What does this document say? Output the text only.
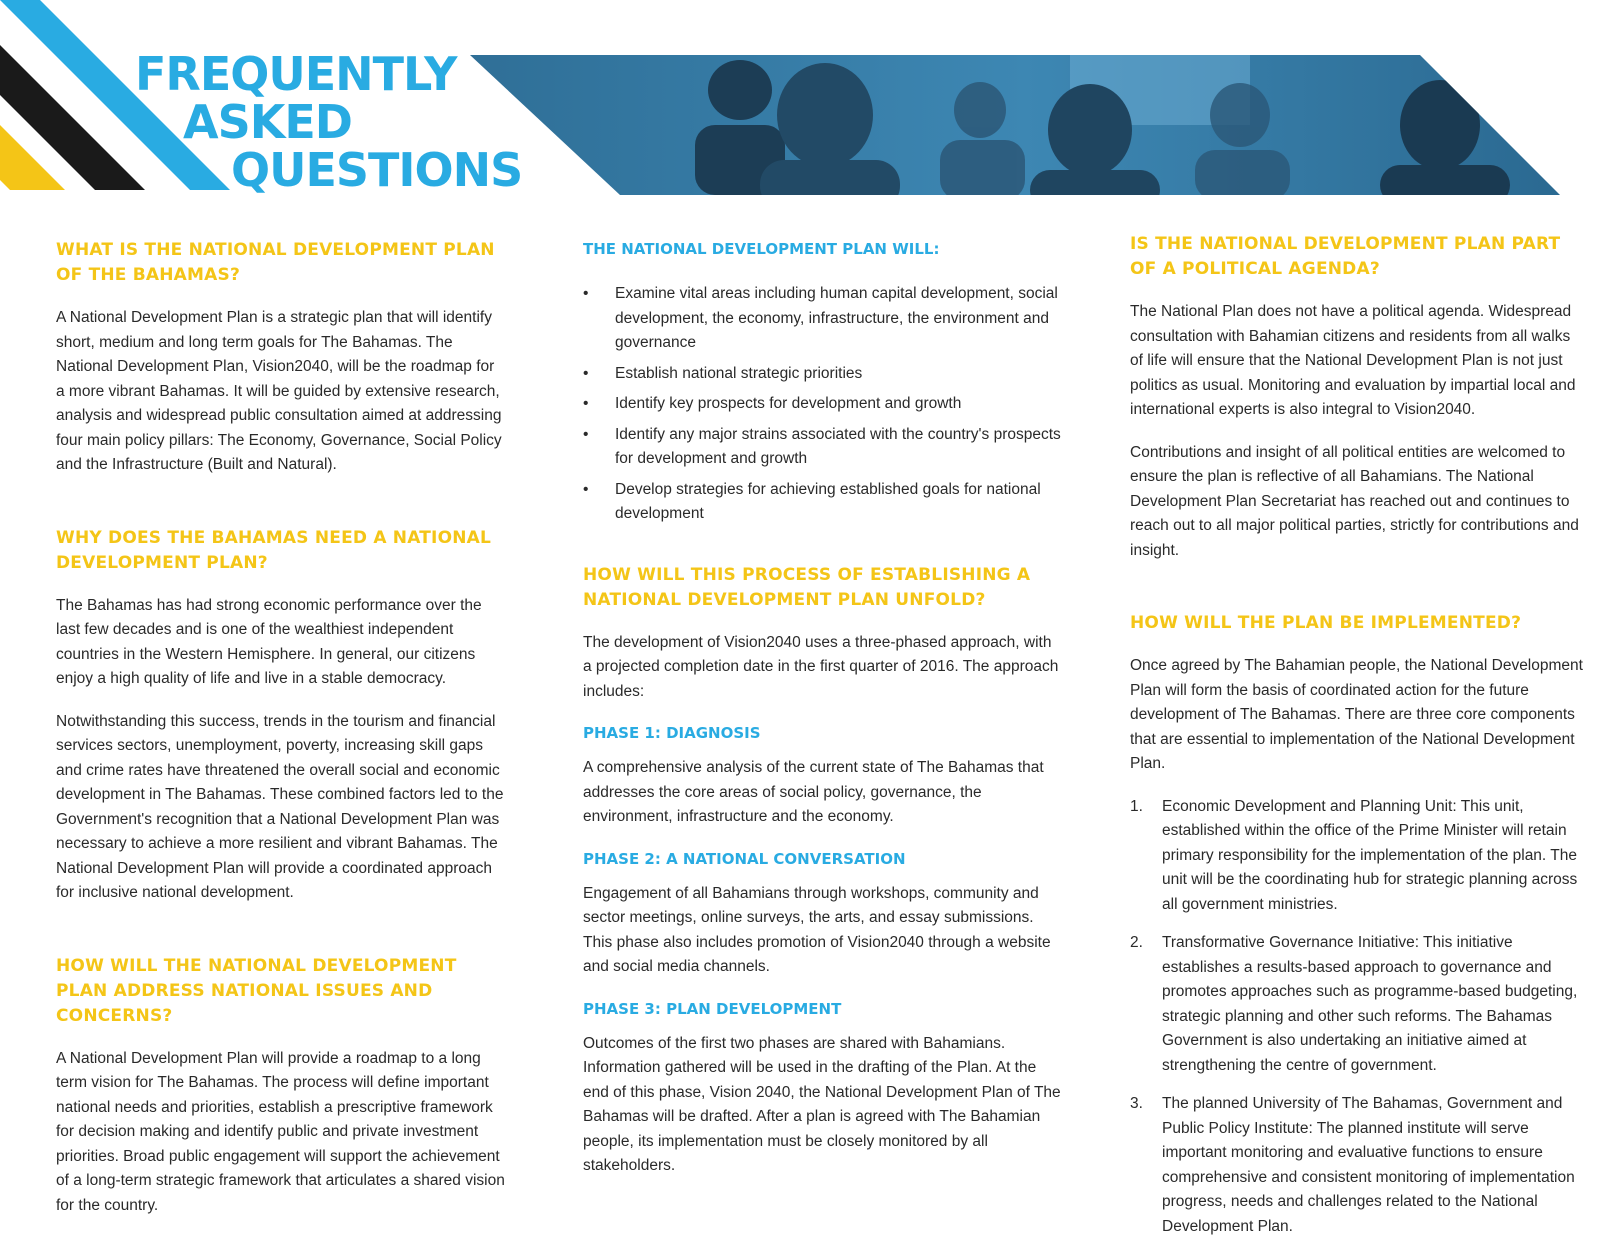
FREQUENTLY
ASKED
QUESTIONS
WHAT IS THE NATIONAL DEVELOPMENT PLAN OF THE BAHAMAS?

A National Development Plan is a strategic plan that will identify short, medium and long term goals for The Bahamas. The National Development Plan, Vision2040, will be the roadmap for a more vibrant Bahamas. It will be guided by extensive research, analysis and widespread public consultation aimed at addressing four main policy pillars: The Economy, Governance, Social Policy and the Infrastructure (Built and Natural).

WHY DOES THE BAHAMAS NEED A NATIONAL DEVELOPMENT PLAN?

The Bahamas has had strong economic performance over the last few decades and is one of the wealthiest independent countries in the Western Hemisphere. In general, our citizens enjoy a high quality of life and live in a stable democracy.

Notwithstanding this success, trends in the tourism and financial services sectors, unemployment, poverty, increasing skill gaps and crime rates have threatened the overall social and economic development in The Bahamas. These combined factors led to the Government's recognition that a National Development Plan was necessary to achieve a more resilient and vibrant Bahamas. The National Development Plan will provide a coordinated approach for inclusive national development.

HOW WILL THE NATIONAL DEVELOPMENT PLAN ADDRESS NATIONAL ISSUES AND CONCERNS?

A National Development Plan will provide a roadmap to a long term vision for The Bahamas. The process will define important national needs and priorities, establish a prescriptive framework for decision making and identify public and private investment priorities. Broad public engagement will support the achievement of a long-term strategic framework that articulates a shared vision for the country.

THE NATIONAL DEVELOPMENT PLAN WILL:
• Examine vital areas including human capital development, social development, the economy, infrastructure, the environment and governance
• Establish national strategic priorities
• Identify key prospects for development and growth
• Identify any major strains associated with the country's prospects for development and growth
• Develop strategies for achieving established goals for national development
HOW WILL THIS PROCESS OF ESTABLISHING A NATIONAL DEVELOPMENT PLAN UNFOLD?

The development of Vision2040 uses a three-phased approach, with a projected completion date in the first quarter of 2016. The approach includes:

PHASE 1: DIAGNOSIS

A comprehensive analysis of the current state of The Bahamas that addresses the core areas of social policy, governance, the environment, infrastructure and the economy.

PHASE 2: A NATIONAL CONVERSATION

Engagement of all Bahamians through workshops, community and sector meetings, online surveys, the arts, and essay submissions. This phase also includes promotion of Vision2040 through a website and social media channels.

PHASE 3: PLAN DEVELOPMENT

Outcomes of the first two phases are shared with Bahamians. Information gathered will be used in the drafting of the Plan. At the end of this phase, Vision 2040, the National Development Plan of The Bahamas will be drafted. After a plan is agreed with The Bahamian people, its implementation must be closely monitored by all stakeholders.

IS THE NATIONAL DEVELOPMENT PLAN PART OF A POLITICAL AGENDA?

The National Plan does not have a political agenda. Widespread consultation with Bahamian citizens and residents from all walks of life will ensure that the National Development Plan is not just politics as usual. Monitoring and evaluation by impartial local and international experts is also integral to Vision2040.

Contributions and insight of all political entities are welcomed to ensure the plan is reflective of all Bahamians. The National Development Plan Secretariat has reached out and continues to reach out to all major political parties, strictly for contributions and insight.

HOW WILL THE PLAN BE IMPLEMENTED?

Once agreed by The Bahamian people, the National Development Plan will form the basis of coordinated action for the future development of The Bahamas. There are three core components that are essential to implementation of the National Development Plan.

1. Economic Development and Planning Unit: This unit, established within the office of the Prime Minister will retain primary responsibility for the implementation of the plan. The unit will be the coordinating hub for strategic planning across all government ministries.
2. Transformative Governance Initiative: This initiative establishes a results-based approach to governance and promotes approaches such as programme-based budgeting, strategic planning and other such reforms. The Bahamas Government is also undertaking an initiative aimed at strengthening the centre of government.
3. The planned University of The Bahamas, Government and Public Policy Institute: The planned institute will serve important monitoring and evaluative functions to ensure comprehensive and consistent monitoring of implementation progress, needs and challenges related to the National Development Plan.
